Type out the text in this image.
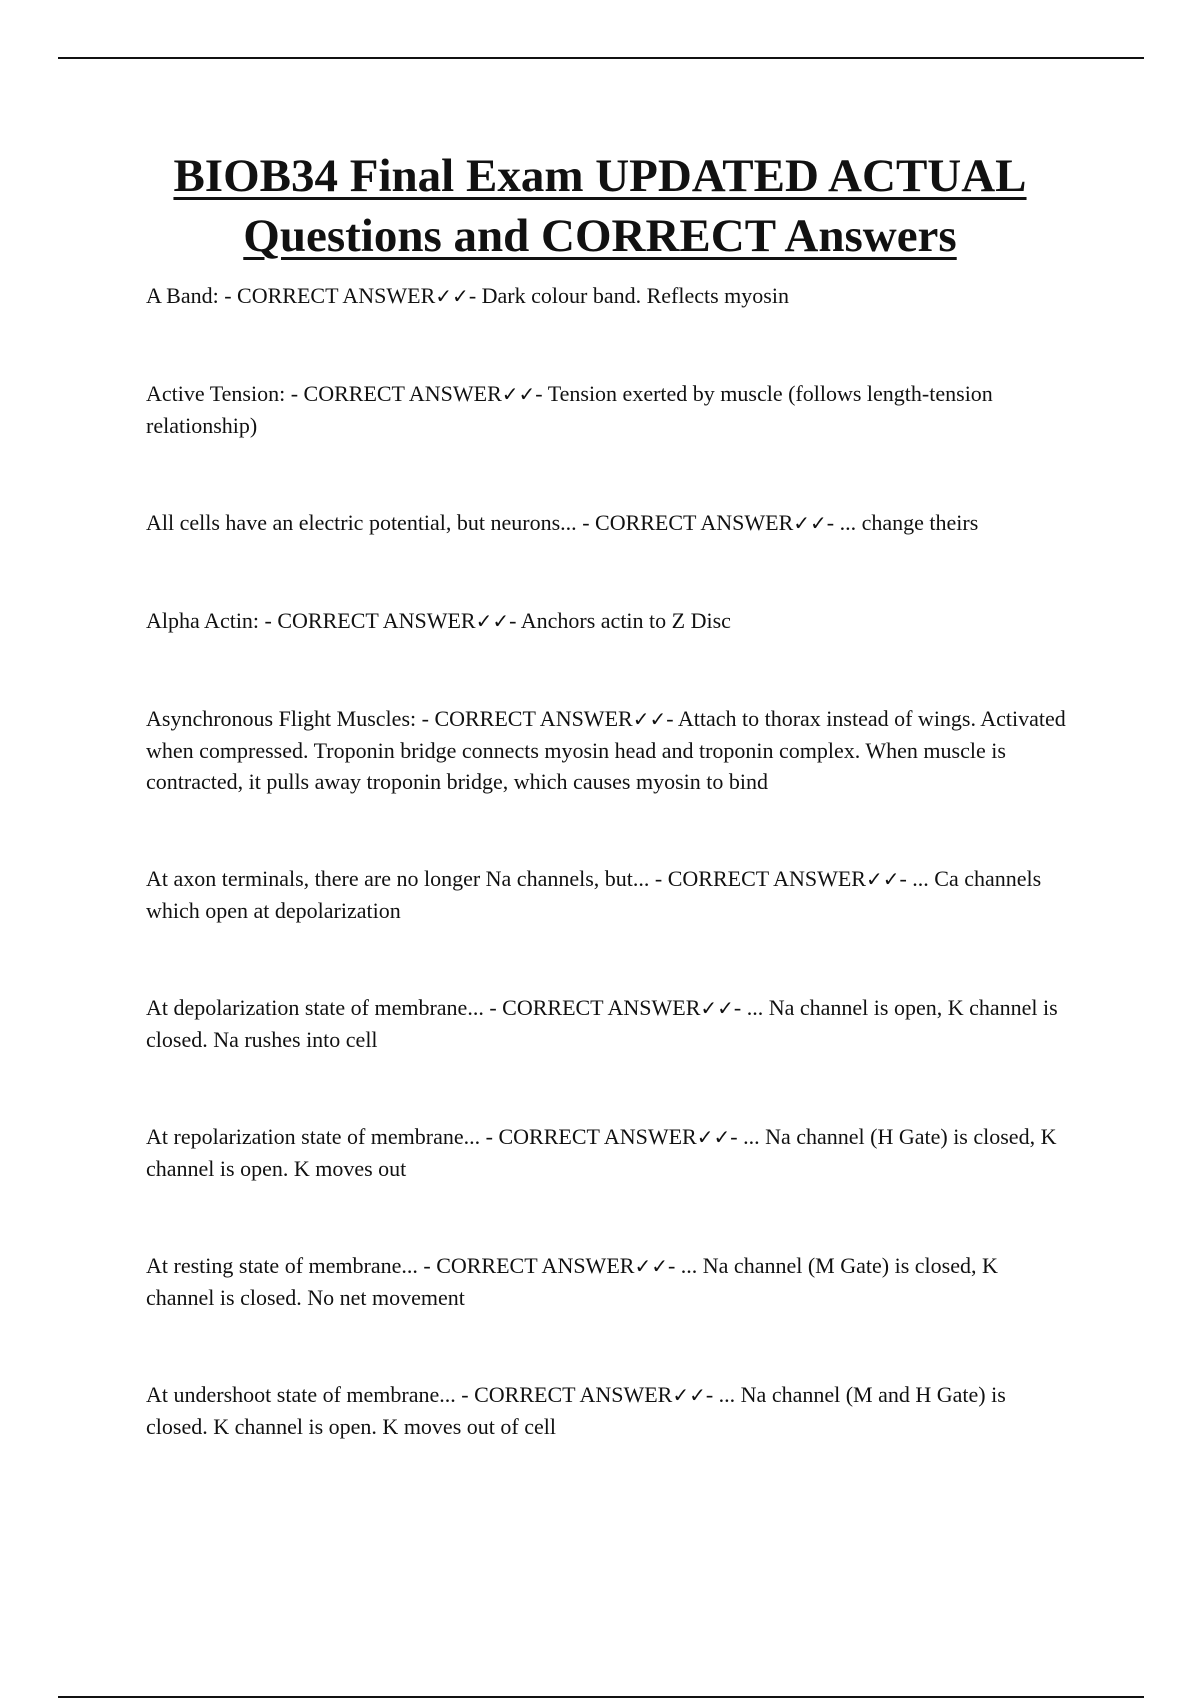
BIOB34 Final Exam UPDATED ACTUAL
Questions and CORRECT Answers
A Band: - CORRECT ANSWER✓✓- Dark colour band. Reflects myosin
Active Tension: - CORRECT ANSWER✓✓- Tension exerted by muscle (follows length-tension relationship)
All cells have an electric potential, but neurons... - CORRECT ANSWER✓✓- ... change theirs
Alpha Actin: - CORRECT ANSWER✓✓- Anchors actin to Z Disc
Asynchronous Flight Muscles: - CORRECT ANSWER✓✓- Attach to thorax instead of wings. Activated when compressed. Troponin bridge connects myosin head and troponin complex. When muscle is contracted, it pulls away troponin bridge, which causes myosin to bind
At axon terminals, there are no longer Na channels, but... - CORRECT ANSWER✓✓- ... Ca channels which open at depolarization
At depolarization state of membrane... - CORRECT ANSWER✓✓- ... Na channel is open, K channel is closed. Na rushes into cell
At repolarization state of membrane... - CORRECT ANSWER✓✓- ... Na channel (H Gate) is closed, K channel is open. K moves out
At resting state of membrane... - CORRECT ANSWER✓✓- ... Na channel (M Gate) is closed, K channel is closed. No net movement
At undershoot state of membrane... - CORRECT ANSWER✓✓- ... Na channel (M and H Gate) is closed. K channel is open. K moves out of cell
